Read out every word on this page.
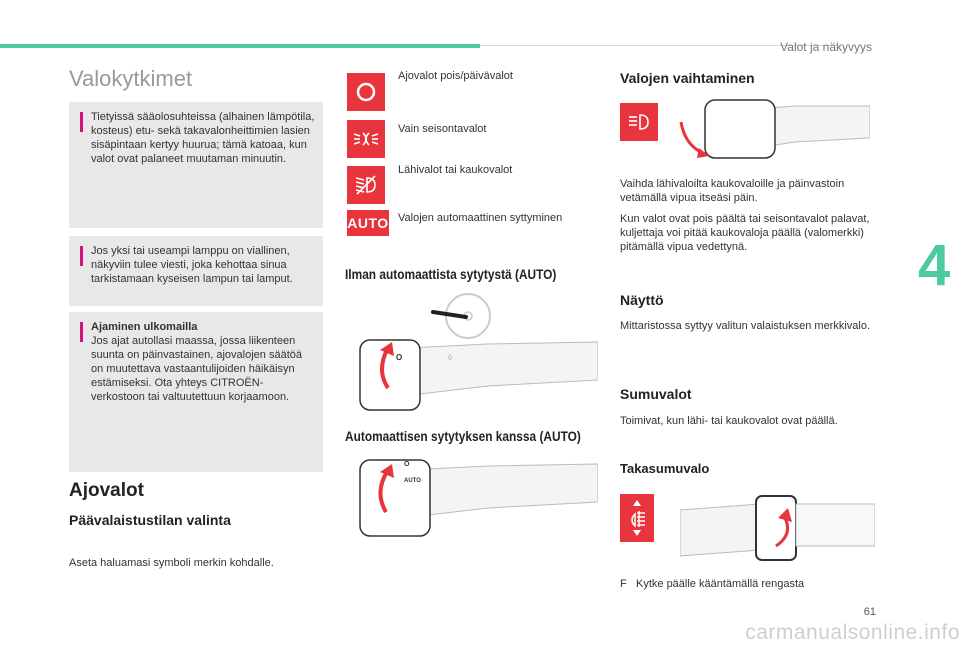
Valot ja näkyvyys
4
61
carmanualsonline.info
Valokytkimet
Tietyissä sääolosuhteissa (alhainen lämpötila, kosteus) etu- sekä takavalonheittimien lasien sisäpintaan kertyy huurua; tämä katoaa, kun valot ovat palaneet muutaman minuutin.
Jos yksi tai useampi lamppu on viallinen, näkyviin tulee viesti, joka kehottaa sinua tarkistamaan kyseisen lampun tai lamput.
Ajaminen ulkomailla
Jos ajat autollasi maassa, jossa liikenteen suunta on päinvastainen, ajovalojen säätöä on muutettava vastaantulijoiden häikäisyn estämiseksi. Ota yhteys CITROËN-verkostoon tai valtuutettuun korjaamoon.
Ajovalot
Päävalaistustilan valinta
Aseta haluamasi symboli merkin kohdalle.
Ajovalot pois/päivävalot
Vain seisontavalot
Lähivalot tai kaukovalot
AUTO Valojen automaattinen syttyminen
Ilman automaattista sytytystä (AUTO)
O	◊
Automaattisen sytytyksen kanssa (AUTO)
O
AUTO
Valojen vaihtaminen
Vaihda lähivaloilta kaukovaloille ja päinvastoin vetämällä vipua itseäsi päin.
Kun valot ovat pois päältä tai seisontavalot palavat, kuljettaja voi pitää kaukovaloja päällä (valomerkki) pitämällä vipua vedettynä.
Näyttö
Mittaristossa syttyy valitun valaistuksen merkkivalo.
Sumuvalot
Toimivat, kun lähi- tai kaukovalot ovat päällä.
Takasumuvalo
F Kytke päälle kääntämällä rengasta
